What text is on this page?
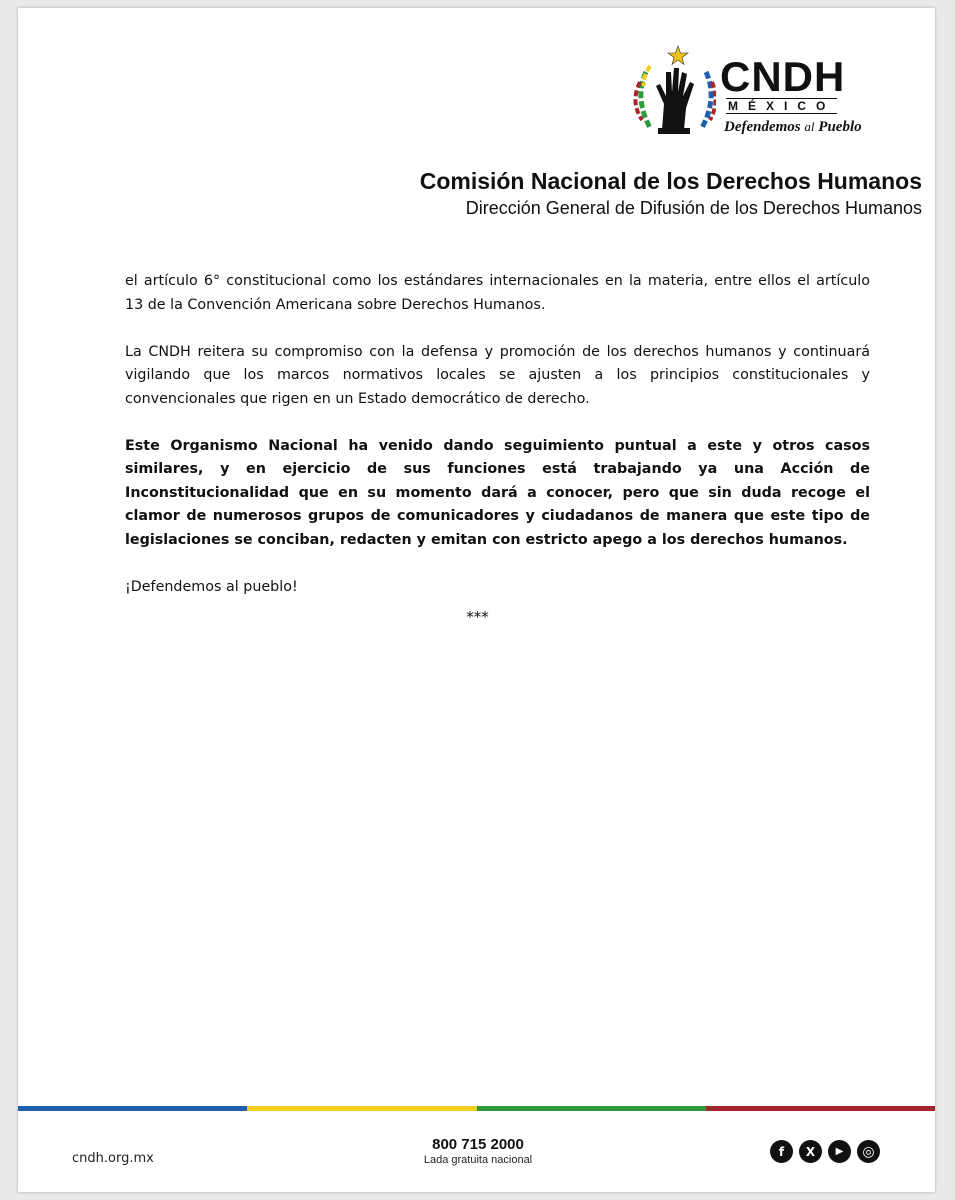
CNDH
MÉXICO
Defendemos al Pueblo
Comisión Nacional de los Derechos Humanos
Dirección General de Difusión de los Derechos Humanos

el artículo 6° constitucional como los estándares internacionales en la materia, entre ellos el artículo 13 de la Convención Americana sobre Derechos Humanos.

La CNDH reitera su compromiso con la defensa y promoción de los derechos humanos y continuará vigilando que los marcos normativos locales se ajusten a los principios constitucionales y convencionales que rigen en un Estado democrático de derecho.

Este Organismo Nacional ha venido dando seguimiento puntual a este y otros casos similares, y en ejercicio de sus funciones está trabajando ya una Acción de Inconstitucionalidad que en su momento dará a conocer, pero que sin duda recoge el clamor de numerosos grupos de comunicadores y ciudadanos de manera que este tipo de legislaciones se conciban, redacten y emitan con estricto apego a los derechos humanos.

¡Defendemos al pueblo!

***
cndh.org.mx
800 715 2000
Lada gratuita nacional
f	X	▶	◎
